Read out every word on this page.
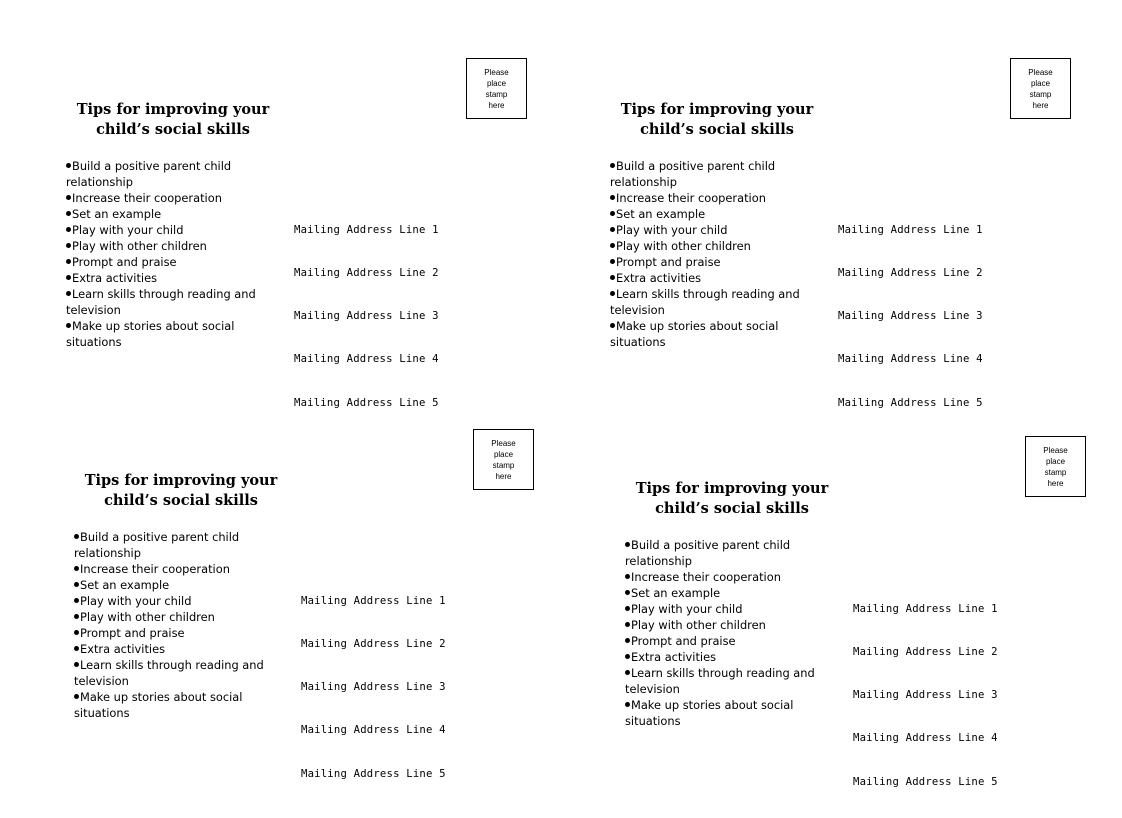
Tips for improving your
child’s social skills
Build a positive parent child relationship
Increase their cooperation
Set an example
Play with your child
Play with other children
Prompt and praise
Extra activities
Learn skills through reading and television
Make up stories about social situations

Mailing Address Line 1

Mailing Address Line 2

Mailing Address Line 3

Mailing Address Line 4

Mailing Address Line 5

Please place stamp here	Tips for improving your
child’s social skills
Build a positive parent child relationship
Increase their cooperation
Set an example
Play with your child
Play with other children
Prompt and praise
Extra activities
Learn skills through reading and television
Make up stories about social situations

Mailing Address Line 1

Mailing Address Line 2

Mailing Address Line 3

Mailing Address Line 4

Mailing Address Line 5

Please place stamp here
Tips for improving your
child’s social skills
Build a positive parent child relationship
Increase their cooperation
Set an example
Play with your child
Play with other children
Prompt and praise
Extra activities
Learn skills through reading and television
Make up stories about social situations

Mailing Address Line 1

Mailing Address Line 2

Mailing Address Line 3

Mailing Address Line 4

Mailing Address Line 5

Please place stamp here
Tips for improving your
child’s social skills
Build a positive parent child relationship
Increase their cooperation
Set an example
Play with your child
Play with other children
Prompt and praise
Extra activities
Learn skills through reading and television
Make up stories about social situations

Mailing Address Line 1

Mailing Address Line 2

Mailing Address Line 3

Mailing Address Line 4

Mailing Address Line 5

Please place stamp here
